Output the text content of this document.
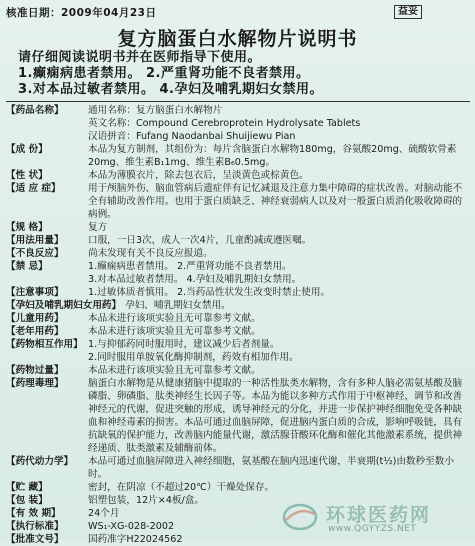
核准日期：2009年04月23日	益妥
复方脑蛋白水解物片说明书
请仔细阅读说明书并在医师指导下使用。
1.癫痫病患者禁用。 2.严重肾功能不良者禁用。
3.对本品过敏者禁用。 4.孕妇及哺乳期妇女禁用。
【药品名称】	通用名称：复方脑蛋白水解物片

英文名称：Compound Cerebroprotein Hydrolysate Tablets

汉语拼音：Fufang Naodanbai Shuijiewu Pian

【成 份】	本品为复方制剂，其组份为：每片含脑蛋白水解物180mg，谷氨酸20mg、硫酸软骨素20mg、维生素B₁1mg、维生素B₆0.5mg。

【性 状】	本品为薄膜衣片，除去包衣后，呈淡黄色或棕黄色。

【适 应 症】	用于颅脑外伤、脑血管病后遗症伴有记忆减退及注意力集中障碍的症状改善。对脑动能不全有辅助改善作用。也用于蛋白质缺乏、神经衰弱病人以及对一般蛋白质消化吸收障碍的病例。

【规 格】	复方

【用法用量】	口服，一日3次，成人一次4片，儿童酌减或遵医嘱。

【不良反应】	尚未发现有关不良反应报道。

【禁 忌】	1.癫痫病患者禁用。 2.严重肾功能不良者禁用。

3.对本品过敏者禁用。 4.孕妇及哺乳期妇女禁用。

【注意事项】	1.过敏体质者慎用。 2.当药品性状发生改变时禁止使用。

【孕妇及哺乳期妇女用药】 孕妇、哺乳期妇女禁用。

【儿童用药】	本品未进行该项实验且无可靠参考文献。

【老年用药】	本品未进行该项实验且无可靠参考文献。

【药物相互作用】 1.与抑郁药同时服用时，建议减少后者剂量。

2.同时服用单胺氧化酶抑制剂，药效有相加作用。

【药物过量】	本品未进行该项实验且无可靠参考文献。

【药理毒理】	脑蛋白水解物是从健康猪脑中提取的一种活性肽类水解物，含有多种人脑必需氨基酸及脑磷脂、卵磷脂、肽类神经生长因子等。本品为能以多种方式作用于中枢神经，调节和改善神经元的代谢，促进突触的形成，诱导神经元的分化，并进一步保护神经细胞免受各种缺血和神经毒素的损害。本品可通过血脑屏障，促进脑内蛋白质的合成，影响呼吸链，具有抗缺氧的保护能力，改善脑内能量代谢，激活腺苷酸环化酶和催化其他激素系统，提供神经递质、肽类激素及辅酶前体。

【药代动力学】	本品可通过血脑屏障进入神经细胞，氨基酸在脑内迅速代谢，半衰期(t½)由数秒至数小时。

【贮 藏】	密封，在阴凉（不超过20℃）干燥处保存。

【包 装】	铝塑包装，12片×4板/盒。

【有 效 期】	24个月

【执行标准】	WS₁-XG-028-2002

【批准文号】	国药准字H22024562

环球医药网
www.QGYYZS.NET
